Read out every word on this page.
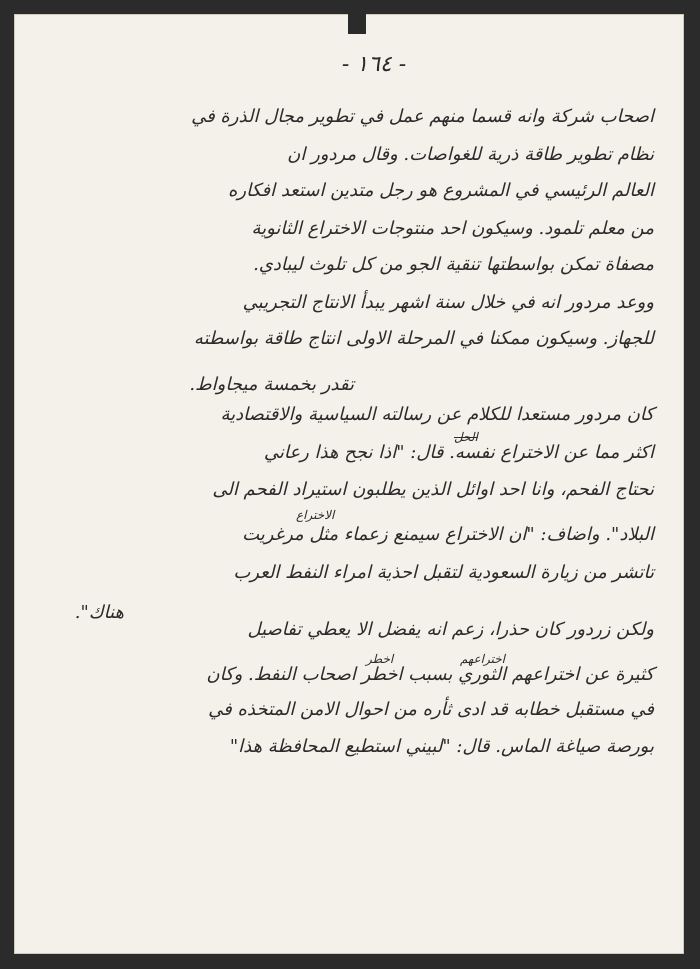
- ١٦٤ -
اصحاب شركة وانه قسما منهم عمل في تطوير مجال الذرة في
نظام تطوير طاقة ذرية للغواصات. وقال مردور ان
العالم الرئيسي في المشروع هو رجل متدين استعد افكاره
من معلم تلمود. وسيكون احد منتوجات الاختراع الثانوية
مصفاة تمكن بواسطتها تنقية الجو من كل تلوث ليبادي.
ووعد مردور انه في خلال سنة اشهر يبدأ الانتاج التجريبي
للجهاز. وسيكون ممكنا في المرحلة الاولى انتاج طاقة بواسطته
تقدر بخمسة ميجاواط.
كان مردور مستعدا للكلام عن رسالته السياسية والاقتصادية
اكثر مما عن الاختراع نفسه. قال: "اذا نجح هذا رعاني
نحتاج الفحم، وانا احد اوائل الذين يطلبون استيراد الفحم الى
البلاد". واضاف: "ان الاختراع سيمنع زعماء مثل مرغريت
تاتشر من زيارة السعودية لتقبل احذية امراء النفط العرب
هناك".
ولكن زردور كان حذرا، زعم انه يفضل الا يعطي تفاصيل
كثيرة عن اختراعهم الثوري بسبب اخطر اصحاب النفط. وكان
في مستقبل خطابه قد ادى ثأره من احوال الامن المتخذه في
بورصة صياغة الماس. قال: "لبيني استطيع المحافظة هذا"
الحل
الاختراع
اختراعهم
اخطر
